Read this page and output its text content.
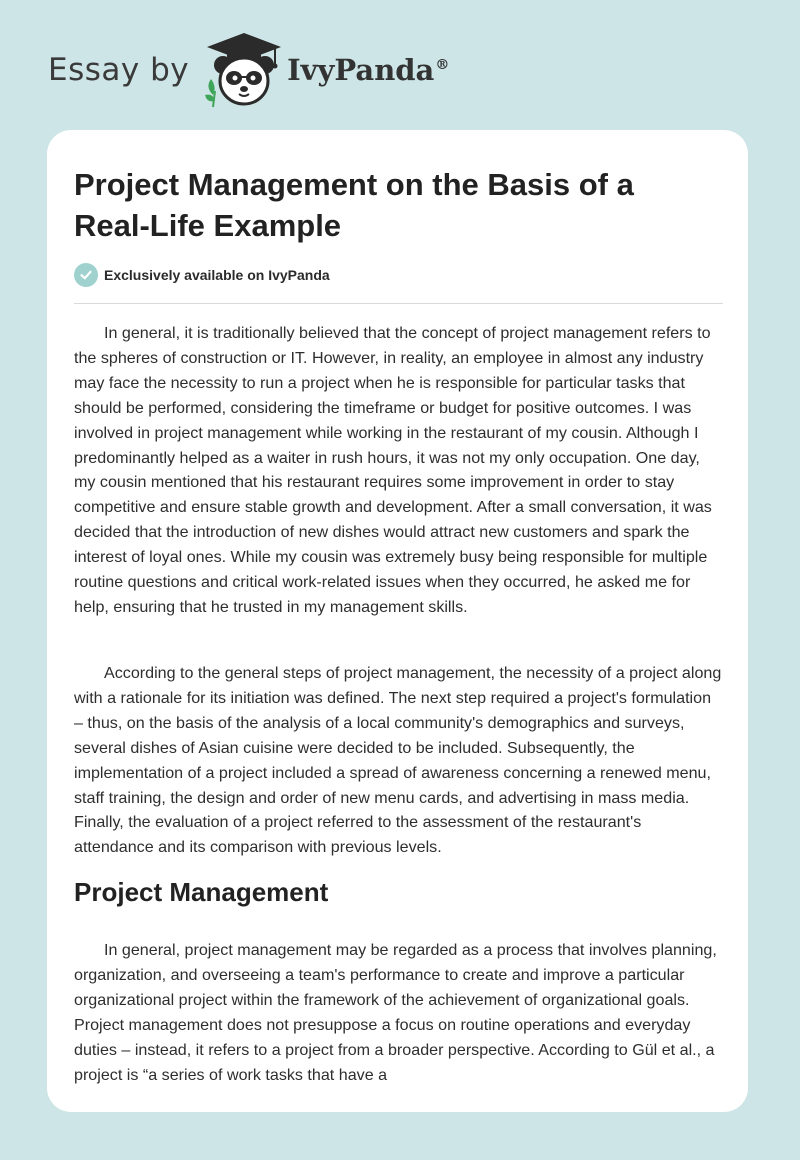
Essay by	IvyPanda®
Project Management on the Basis of a Real-Life Example
Exclusively available on IvyPanda

In general, it is traditionally believed that the concept of project management refers to the spheres of construction or IT. However, in reality, an employee in almost any industry may face the necessity to run a project when he is responsible for particular tasks that should be performed, considering the timeframe or budget for positive outcomes. I was involved in project management while working in the restaurant of my cousin. Although I predominantly helped as a waiter in rush hours, it was not my only occupation. One day, my cousin mentioned that his restaurant requires some improvement in order to stay competitive and ensure stable growth and development. After a small conversation, it was decided that the introduction of new dishes would attract new customers and spark the interest of loyal ones. While my cousin was extremely busy being responsible for multiple routine questions and critical work-related issues when they occurred, he asked me for help, ensuring that he trusted in my management skills.

According to the general steps of project management, the necessity of a project along with a rationale for its initiation was defined. The next step required a project's formulation – thus, on the basis of the analysis of a local community's demographics and surveys, several dishes of Asian cuisine were decided to be included. Subsequently, the implementation of a project included a spread of awareness concerning a renewed menu, staff training, the design and order of new menu cards, and advertising in mass media. Finally, the evaluation of a project referred to the assessment of the restaurant's attendance and its comparison with previous levels.

Project Management

In general, project management may be regarded as a process that involves planning, organization, and overseeing a team's performance to create and improve a particular organizational project within the framework of the achievement of organizational goals. Project management does not presuppose a focus on routine operations and everyday duties – instead, it refers to a project from a broader perspective. According to Gül et al., a project is “a series of work tasks that have a
